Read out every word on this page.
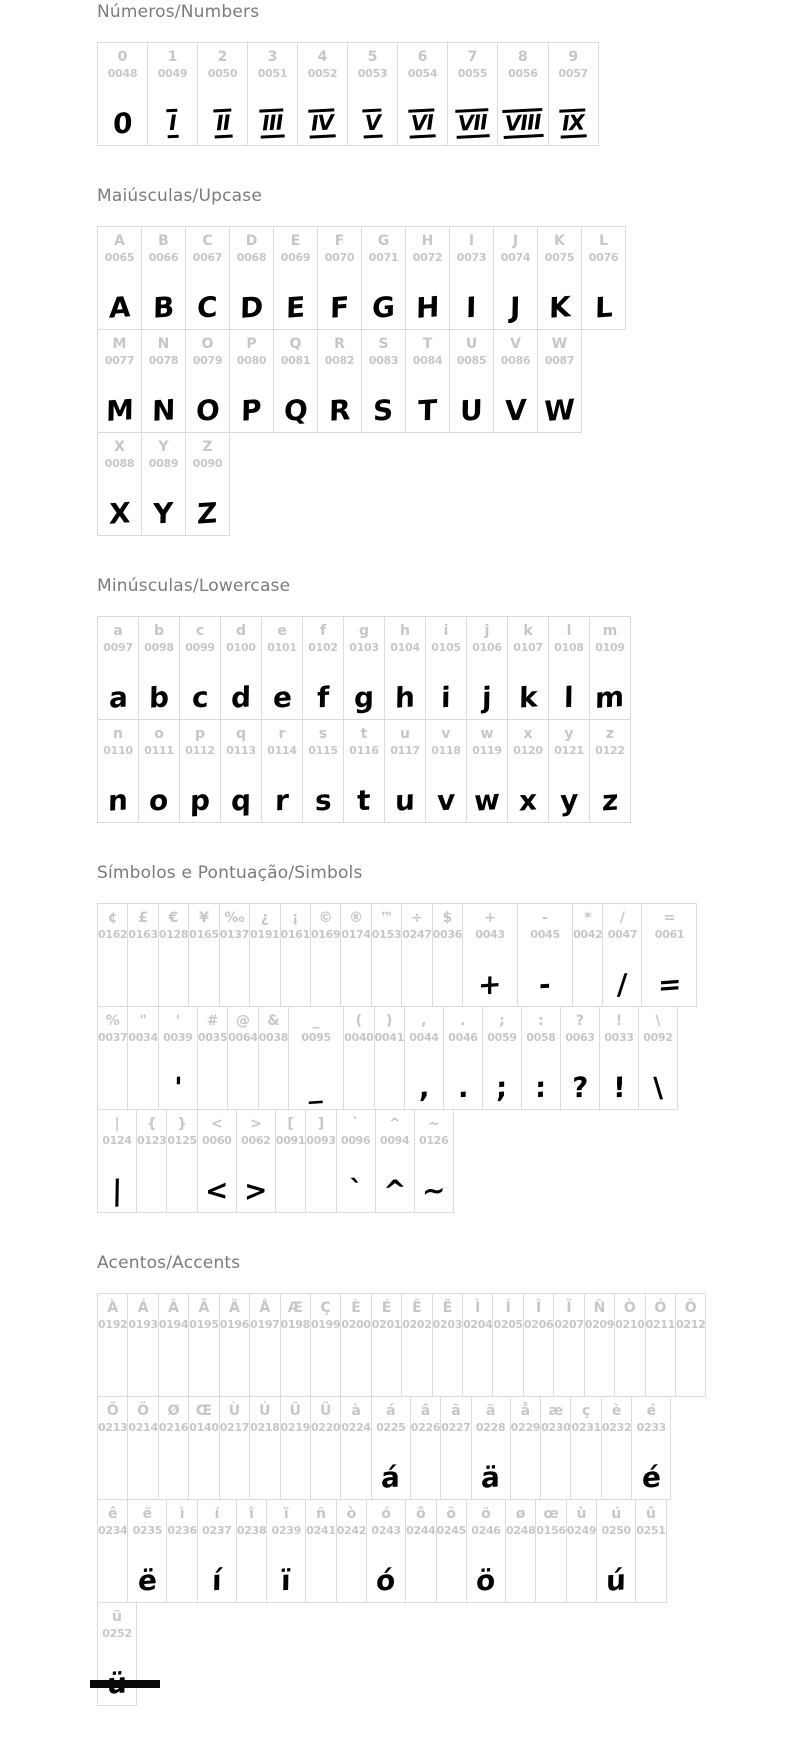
Números/Numbers
0
0048
0
1
0049
I
2
0050
II
3
0051
III
4
0052
IV
5
0053
V
6
0054
VI
7
0055
VII
8
0056
VIII
9
0057
IX
Maiúsculas/Upcase
A
0065
A
B
0066
B
C
0067
C
D
0068
D
E
0069
E
F
0070
F
G
0071
G
H
0072
H
I
0073
I
J
0074
J
K
0075
K
L
0076
L
M
0077
M
N
0078
N
O
0079
O
P
0080
P
Q
0081
Q
R
0082
R
S
0083
S
T
0084
T
U
0085
U
V
0086
V
W
0087
W
X
0088
X
Y
0089
Y
Z
0090
Z
Minúsculas/Lowercase
a
0097
a
b
0098
b
c
0099
c
d
0100
d
e
0101
e
f
0102
f
g
0103
g
h
0104
h
i
0105
i
j
0106
j
k
0107
k
l
0108
l
m
0109
m
n
0110
n
o
0111
o
p
0112
p
q
0113
q
r
0114
r
s
0115
s
t
0116
t
u
0117
u
v
0118
v
w
0119
w
x
0120
x
y
0121
y
z
0122
z
Símbolos e Pontuação/Simbols
¢
0162
£
0163
€
0128
¥
0165
‰
0137
¿
0191
¡
0161
©
0169
®
0174
™
0153
÷
0247
$
0036
+
0043
+
-
0045
-
*
0042
/
0047
/
=
0061
=
%
0037
"
0034
'
0039
'
#
0035
@
0064
&
0038
_
0095
_
(
0040
)
0041
,
0044
,
.
0046
.
;
0059
;
:
0058
:
?
0063
?
!
0033
!
\
0092
\
|
0124
|
{
0123
}
0125
<
0060
<
>
0062
>
[
0091
]
0093
`
0096
`
^
0094
^
~
0126
~
Acentos/Accents
À
0192
Á
0193
Â
0194
Ã
0195
Ä
0196
Å
0197
Æ
0198
Ç
0199
È
0200
É
0201
Ê
0202
Ë
0203
Ì
0204
Í
0205
Î
0206
Ï
0207
Ñ
0209
Ò
0210
Ó
0211
Ô
0212
Õ
0213
Ö
0214
Ø
0216
Œ
0140
Ù
0217
Ú
0218
Û
0219
Ü
0220
à
0224
á
0225
á
â
0226
ã
0227
ä
0228
ä
å
0229
æ
0230
ç
0231
è
0232
é
0233
é
ê
0234
ë
0235
ë
ì
0236
í
0237
í
î
0238
ï
0239
ï
ñ
0241
ò
0242
ó
0243
ó
ô
0244
õ
0245
ö
0246
ö
ø
0248
œ
0156
ù
0249
ú
0250
ú
û
0251
ü
0252
